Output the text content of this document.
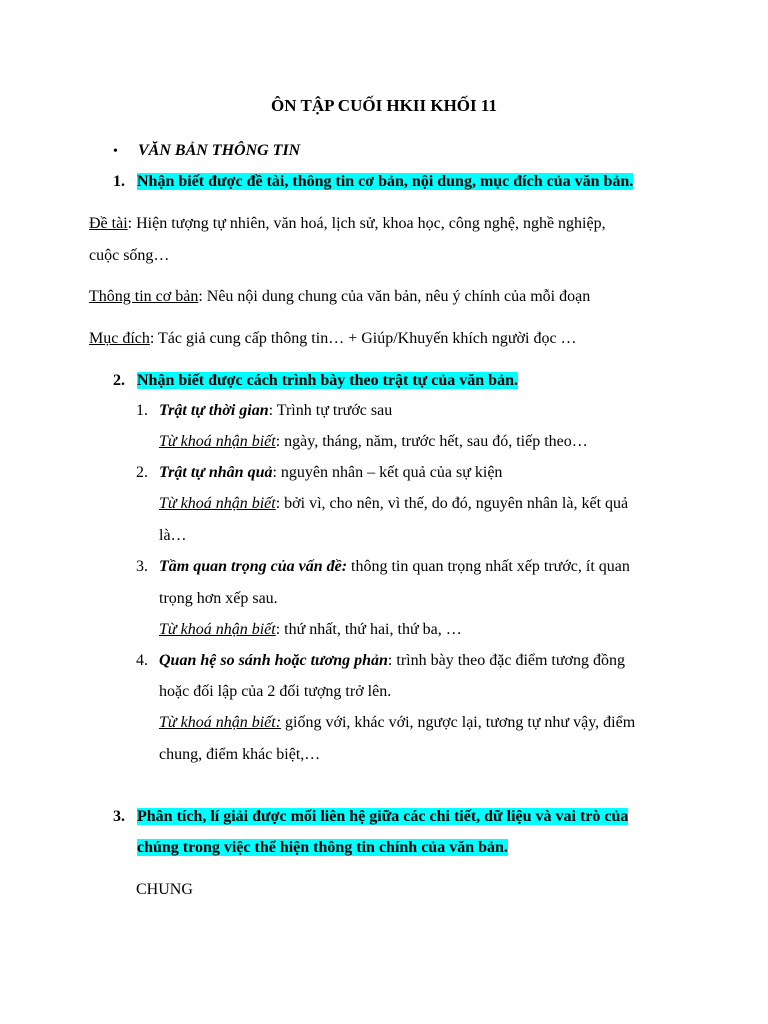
ÔN TẬP CUỐI HKII KHỐI 11
• VĂN BẢN THÔNG TIN
1. Nhận biết được đề tài, thông tin cơ bản, nội dung, mục đích của văn bản.
Đề tài: Hiện tượng tự nhiên, văn hoá, lịch sử, khoa học, công nghệ, nghề nghiệp,
cuộc sống…
Thông tin cơ bản: Nêu nội dung chung của văn bản, nêu ý chính của mỗi đoạn
Mục đích: Tác giả cung cấp thông tin… + Giúp/Khuyến khích người đọc …
2. Nhận biết được cách trình bày theo trật tự của văn bản.
1. Trật tự thời gian: Trình tự trước sau
Từ khoá nhận biết: ngày, tháng, năm, trước hết, sau đó, tiếp theo…
2. Trật tự nhân quả: nguyên nhân – kết quả của sự kiện
Từ khoá nhận biết: bởi vì, cho nên, vì thế, do đó, nguyên nhân là, kết quả
là…
3. Tầm quan trọng của vấn đề: thông tin quan trọng nhất xếp trước, ít quan
trọng hơn xếp sau.
Từ khoá nhận biết: thứ nhất, thứ hai, thứ ba, …
4. Quan hệ so sánh hoặc tương phản: trình bày theo đặc điểm tương đồng
hoặc đối lập của 2 đối tượng trở lên.
Từ khoá nhận biết: giống với, khác với, ngược lại, tương tự như vậy, điểm
chung, điểm khác biệt,…
3. Phân tích, lí giải được mối liên hệ giữa các chi tiết, dữ liệu và vai trò của
chúng trong việc thể hiện thông tin chính của văn bản.
CHUNG
